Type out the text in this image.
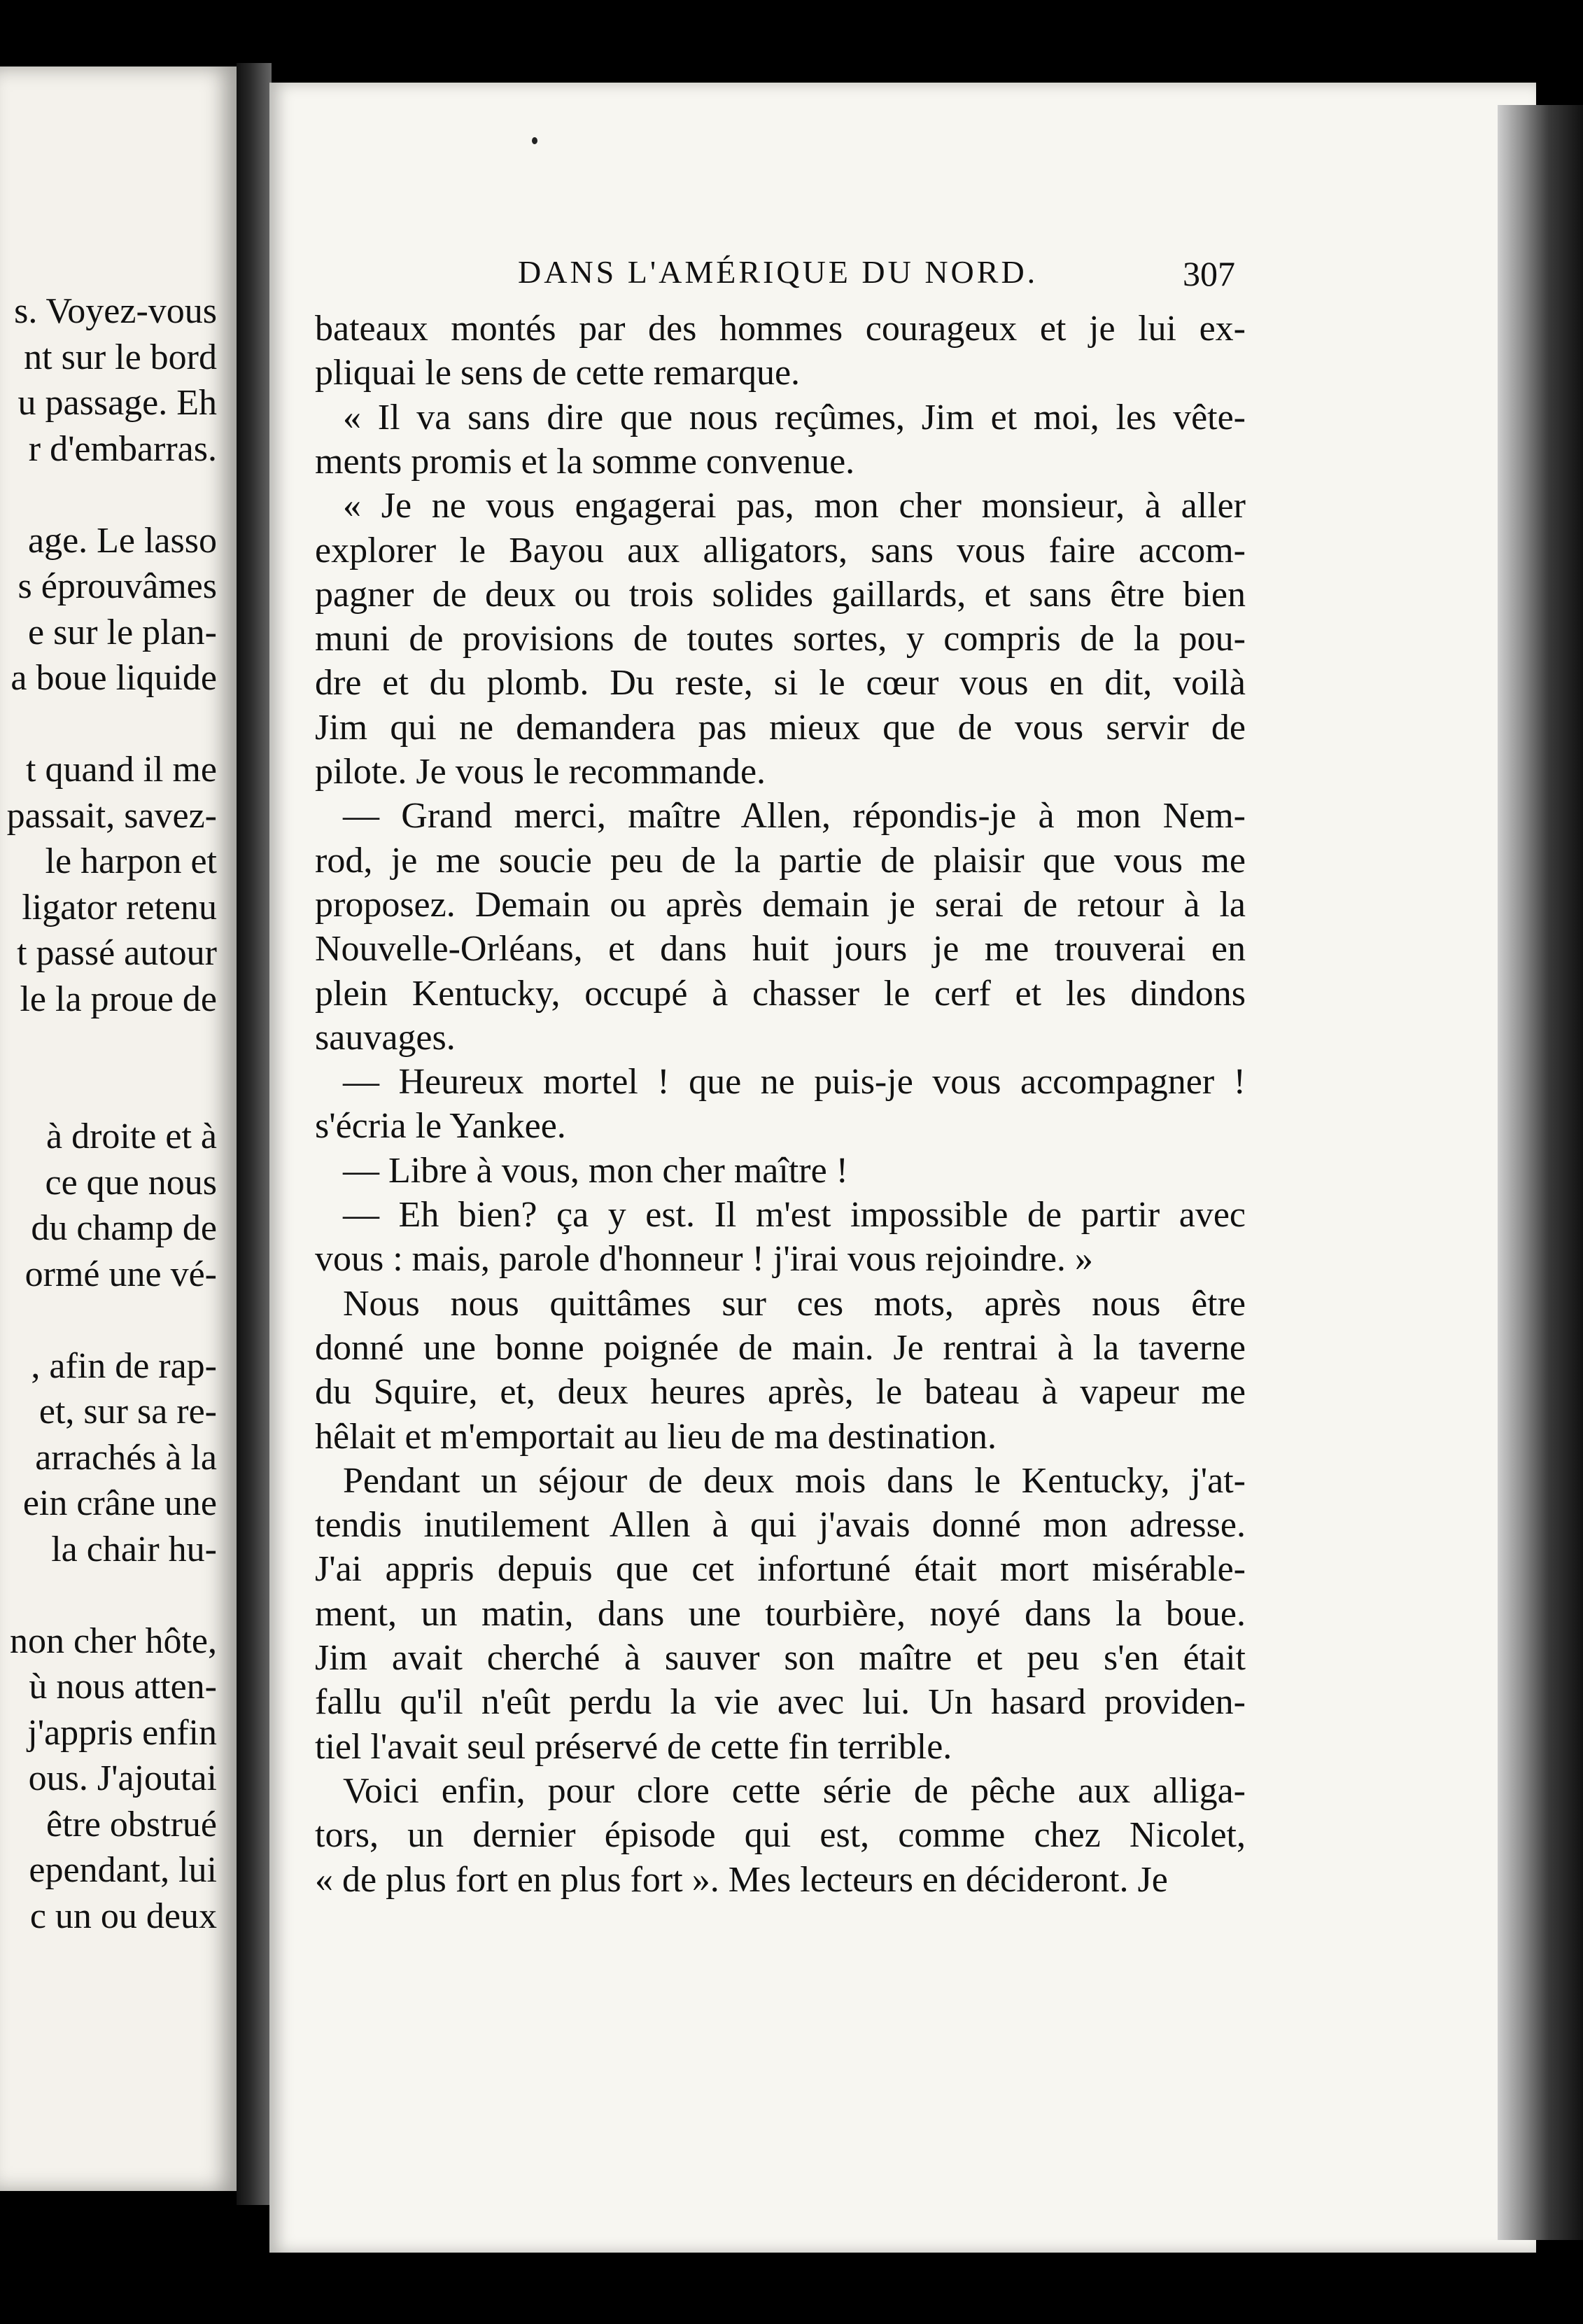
s. Voyez-vous
nt sur le bord
u passage. Eh
r d'embarras.
age. Le lasso
s éprouvâmes
e sur le plan-
a boue liquide
t quand il me
passait, savez-
le harpon et
ligator retenu
t passé autour
le la proue de
à droite et à
ce que nous
du champ de
ormé une vé-
, afin de rap-
et, sur sa re-
arrachés à la
ein crâne une
la chair hu-
non cher hôte,
ù nous atten-
j'appris enfin
ous. J'ajoutai
être obstrué
ependant, lui
c un ou deux
DANS L'AMÉRIQUE DU NORD.	307
bateaux montés par des hommes courageux et je lui ex-
pliquai le sens de cette remarque.
« Il va sans dire que nous reçûmes, Jim et moi, les vête-
ments promis et la somme convenue.
« Je ne vous engagerai pas, mon cher monsieur, à aller
explorer le Bayou aux alligators, sans vous faire accom-
pagner de deux ou trois solides gaillards, et sans être bien
muni de provisions de toutes sortes, y compris de la pou-
dre et du plomb. Du reste, si le cœur vous en dit, voilà
Jim qui ne demandera pas mieux que de vous servir de
pilote. Je vous le recommande.
— Grand merci, maître Allen, répondis-je à mon Nem-
rod, je me soucie peu de la partie de plaisir que vous me
proposez. Demain ou après demain je serai de retour à la
Nouvelle-Orléans, et dans huit jours je me trouverai en
plein Kentucky, occupé à chasser le cerf et les dindons
sauvages.
— Heureux mortel ! que ne puis-je vous accompagner !
s'écria le Yankee.
— Libre à vous, mon cher maître !
— Eh bien? ça y est. Il m'est impossible de partir avec
vous : mais, parole d'honneur ! j'irai vous rejoindre. »
Nous nous quittâmes sur ces mots, après nous être
donné une bonne poignée de main. Je rentrai à la taverne
du Squire, et, deux heures après, le bateau à vapeur me
hêlait et m'emportait au lieu de ma destination.
Pendant un séjour de deux mois dans le Kentucky, j'at-
tendis inutilement Allen à qui j'avais donné mon adresse.
J'ai appris depuis que cet infortuné était mort misérable-
ment, un matin, dans une tourbière, noyé dans la boue.
Jim avait cherché à sauver son maître et peu s'en était
fallu qu'il n'eût perdu la vie avec lui. Un hasard providen-
tiel l'avait seul préservé de cette fin terrible.
Voici enfin, pour clore cette série de pêche aux alliga-
tors, un dernier épisode qui est, comme chez Nicolet,
« de plus fort en plus fort ». Mes lecteurs en décideront. Je
